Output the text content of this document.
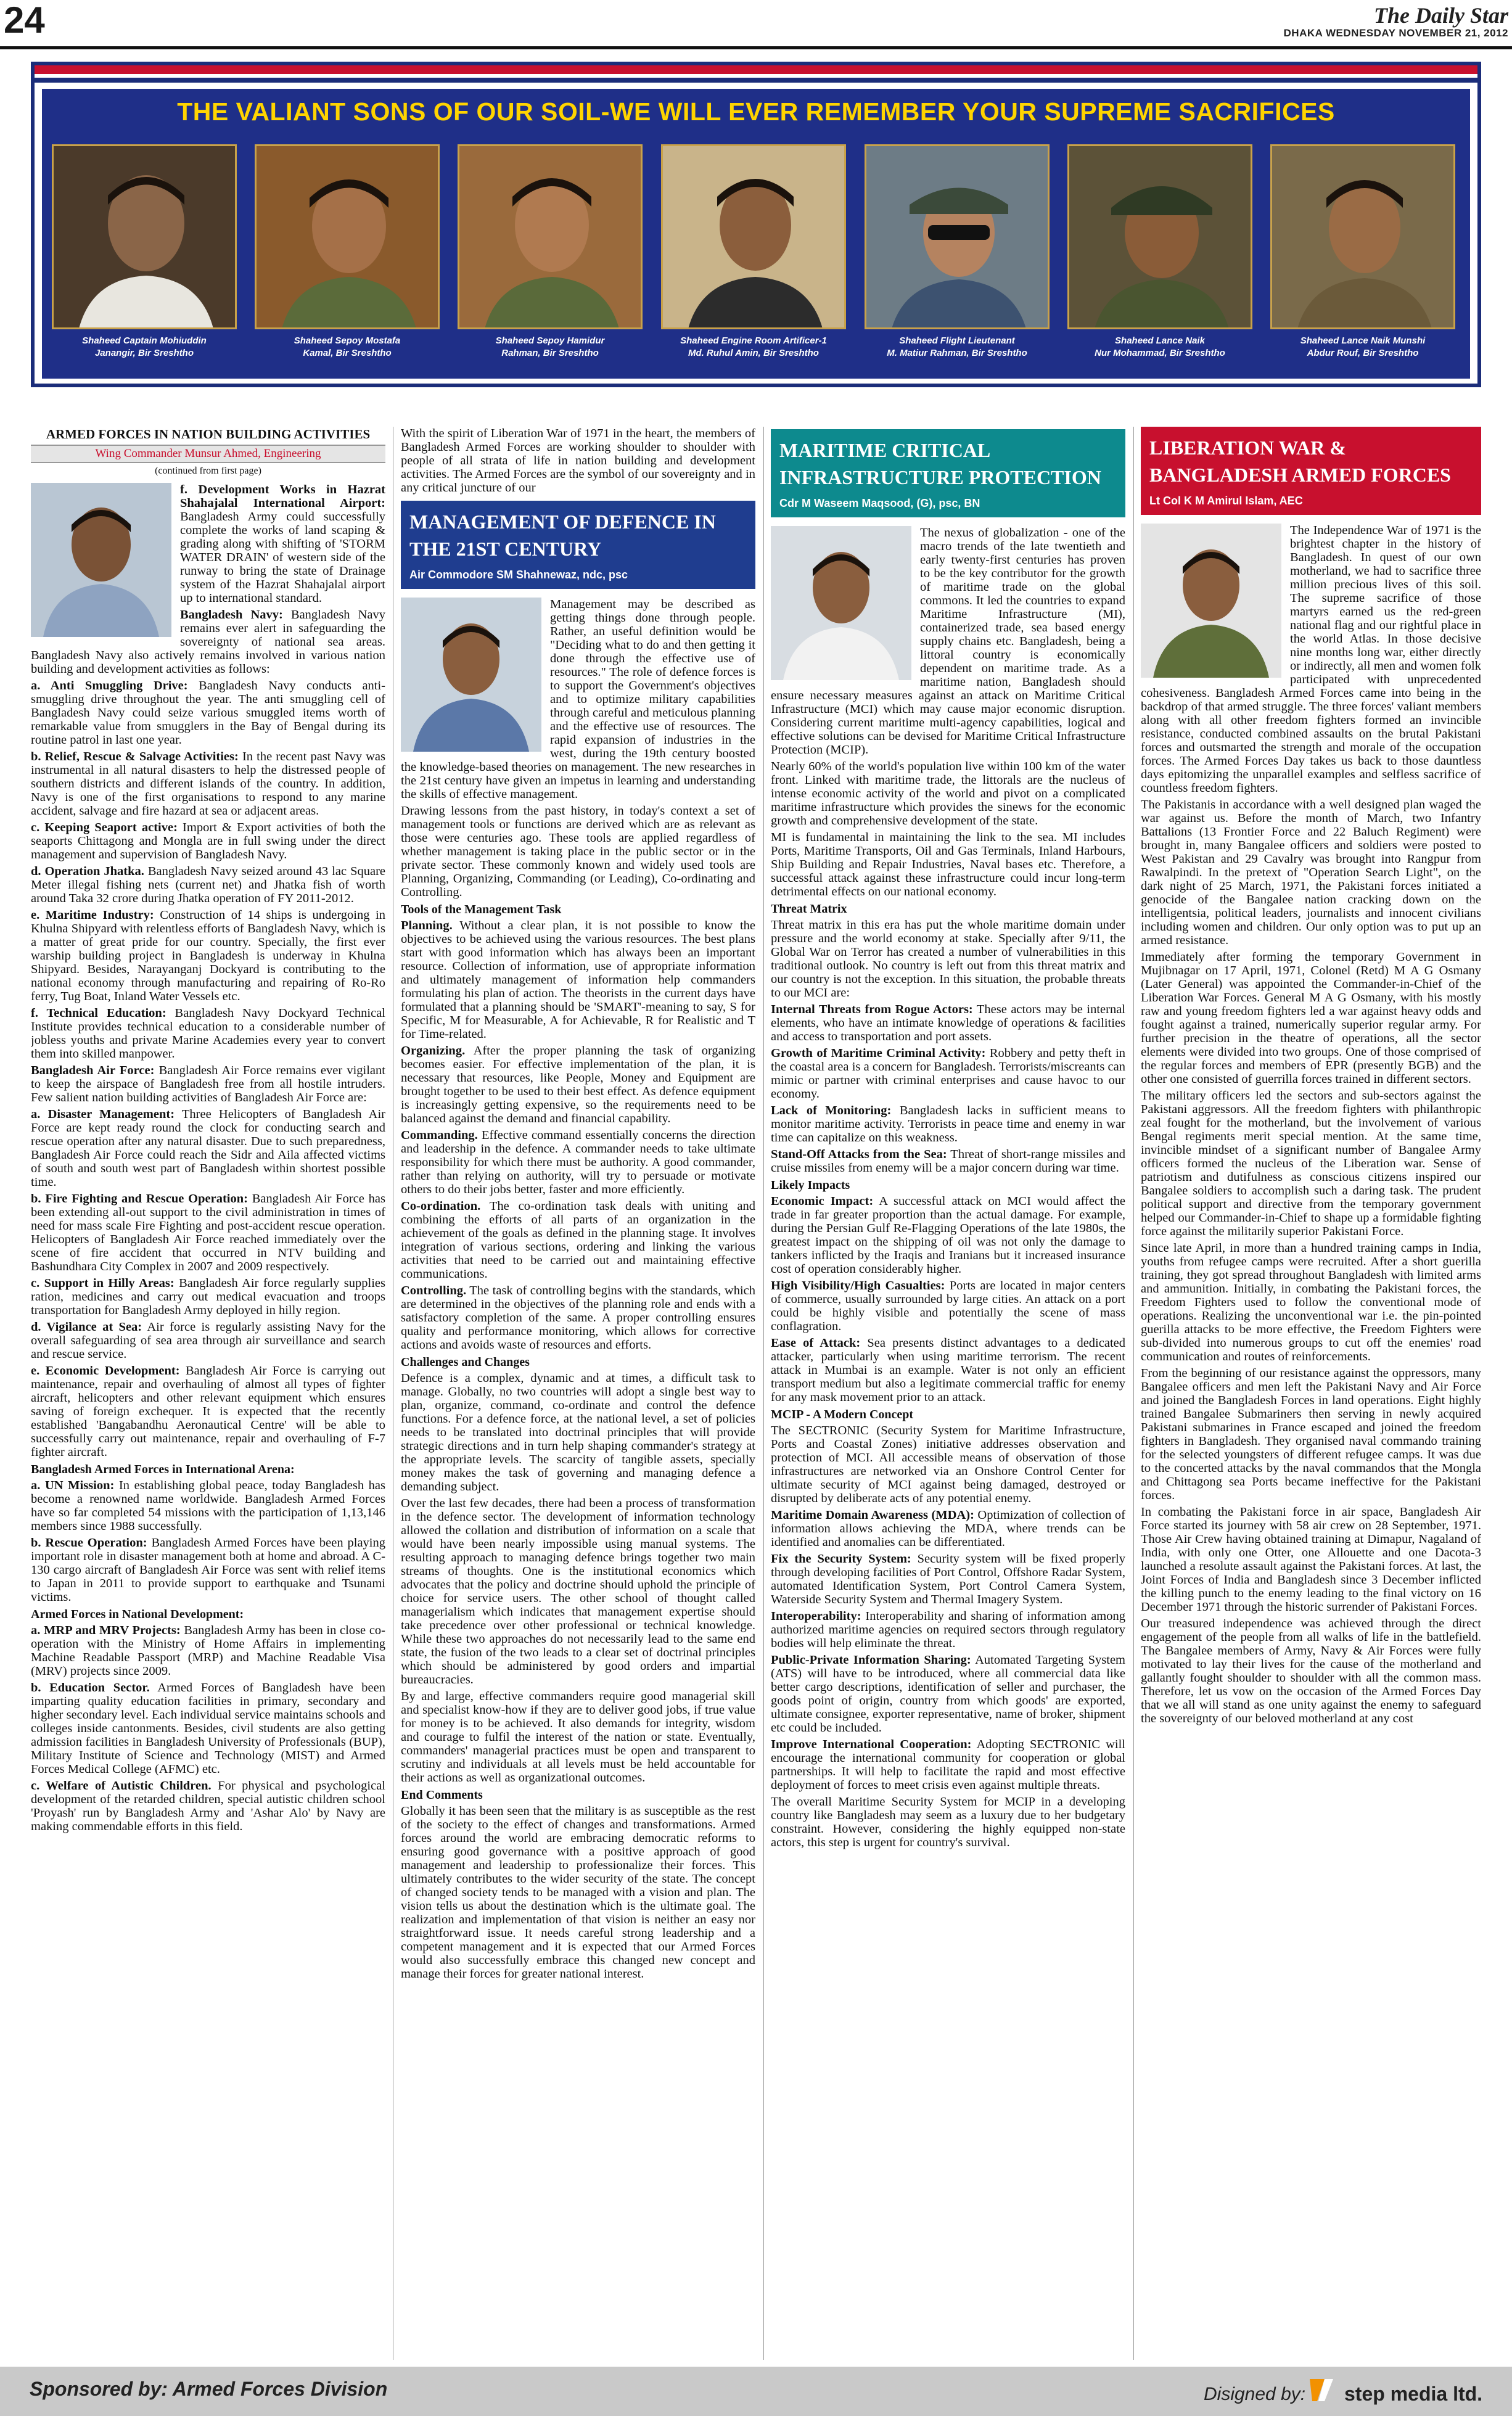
24	The Daily Star
DHAKA WEDNESDAY NOVEMBER 21, 2012
THE VALIANT SONS OF OUR SOIL-WE WILL EVER REMEMBER YOUR SUPREME SACRIFICES
Shaheed Captain Mohiuddin
Janangir, Bir Sreshtho
Shaheed Sepoy Mostafa
Kamal, Bir Sreshtho
Shaheed Sepoy Hamidur
Rahman, Bir Sreshtho
Shaheed Engine Room Artificer-1
Md. Ruhul Amin, Bir Sreshtho
Shaheed Flight Lieutenant
M. Matiur Rahman, Bir Sreshtho
Shaheed Lance Naik
Nur Mohammad, Bir Sreshtho
Shaheed Lance Naik Munshi
Abdur Rouf, Bir Sreshtho
ARMED FORCES IN NATION BUILDING ACTIVITIES
Wing Commander Munsur Ahmed, Engineering
(continued from first page)

f. Development Works in Hazrat Shahajalal International Airport: Bangladesh Army could successfully complete the works of land scaping & grading along with shifting of 'STORM WATER DRAIN' of western side of the runway to bring the state of Drainage system of the Hazrat Shahajalal airport up to international standard.

Bangladesh Navy: Bangladesh Navy remains ever alert in safeguarding the sovereignty of national sea areas. Bangladesh Navy also actively remains involved in various nation building and development activities as follows:

a. Anti Smuggling Drive: Bangladesh Navy conducts anti-smuggling drive throughout the year. The anti smuggling cell of Bangladesh Navy could seize various smuggled items worth of remarkable value from smugglers in the Bay of Bengal during its routine patrol in last one year.

b. Relief, Rescue & Salvage Activities: In the recent past Navy was instrumental in all natural disasters to help the distressed people of southern districts and different islands of the country. In addition, Navy is one of the first organisations to respond to any marine accident, salvage and fire hazard at sea or adjacent areas.

c. Keeping Seaport active: Import & Export activities of both the seaports Chittagong and Mongla are in full swing under the direct management and supervision of Bangladesh Navy.

d. Operation Jhatka. Bangladesh Navy seized around 43 lac Square Meter illegal fishing nets (current net) and Jhatka fish of worth around Taka 32 crore during Jhatka operation of FY 2011-2012.

e. Maritime Industry: Construction of 14 ships is undergoing in Khulna Shipyard with relentless efforts of Bangladesh Navy, which is a matter of great pride for our country. Specially, the first ever warship building project in Bangladesh is underway in Khulna Shipyard. Besides, Narayanganj Dockyard is contributing to the national economy through manufacturing and repairing of Ro-Ro ferry, Tug Boat, Inland Water Vessels etc.

f. Technical Education: Bangladesh Navy Dockyard Technical Institute provides technical education to a considerable number of jobless youths and private Marine Academies every year to convert them into skilled manpower.

Bangladesh Air Force: Bangladesh Air Force remains ever vigilant to keep the airspace of Bangladesh free from all hostile intruders. Few salient nation building activities of Bangladesh Air Force are:

a. Disaster Management: Three Helicopters of Bangladesh Air Force are kept ready round the clock for conducting search and rescue operation after any natural disaster. Due to such preparedness, Bangladesh Air Force could reach the Sidr and Aila affected victims of south and south west part of Bangladesh within shortest possible time.

b. Fire Fighting and Rescue Operation: Bangladesh Air Force has been extending all-out support to the civil administration in times of need for mass scale Fire Fighting and post-accident rescue operation. Helicopters of Bangladesh Air Force reached immediately over the scene of fire accident that occurred in NTV building and Bashundhara City Complex in 2007 and 2009 respectively.

c. Support in Hilly Areas: Bangladesh Air force regularly supplies ration, medicines and carry out medical evacuation and troops transportation for Bangladesh Army deployed in hilly region.

d. Vigilance at Sea: Air force is regularly assisting Navy for the overall safeguarding of sea area through air surveillance and search and rescue service.

e. Economic Development: Bangladesh Air Force is carrying out maintenance, repair and overhauling of almost all types of fighter aircraft, helicopters and other relevant equipment which ensures saving of foreign exchequer. It is expected that the recently established 'Bangabandhu Aeronautical Centre' will be able to successfully carry out maintenance, repair and overhauling of F-7 fighter aircraft.

Bangladesh Armed Forces in International Arena:

a. UN Mission: In establishing global peace, today Bangladesh has become a renowned name worldwide. Bangladesh Armed Forces have so far completed 54 missions with the participation of 1,13,146 members since 1988 successfully.

b. Rescue Operation: Bangladesh Armed Forces have been playing important role in disaster management both at home and abroad. A C-130 cargo aircraft of Bangladesh Air Force was sent with relief items to Japan in 2011 to provide support to earthquake and Tsunami victims.

Armed Forces in National Development:

a. MRP and MRV Projects: Bangladesh Army has been in close co-operation with the Ministry of Home Affairs in implementing Machine Readable Passport (MRP) and Machine Readable Visa (MRV) projects since 2009.

b. Education Sector. Armed Forces of Bangladesh have been imparting quality education facilities in primary, secondary and higher secondary level. Each individual service maintains schools and colleges inside cantonments. Besides, civil students are also getting admission facilities in Bangladesh University of Professionals (BUP), Military Institute of Science and Technology (MIST) and Armed Forces Medical College (AFMC) etc.

c. Welfare of Autistic Children. For physical and psychological development of the retarded children, special autistic children school 'Proyash' run by Bangladesh Army and 'Ashar Alo' by Navy are making commendable efforts in this field.

With the spirit of Liberation War of 1971 in the heart, the members of Bangladesh Armed Forces are working shoulder to shoulder with people of all strata of life in nation building and development activities. The Armed Forces are the symbol of our sovereignty and in any critical juncture of our

MANAGEMENT OF DEFENCE IN THE 21ST CENTURY
Air Commodore SM Shahnewaz, ndc, psc

Management may be described as getting things done through people. Rather, an useful definition would be "Deciding what to do and then getting it done through the effective use of resources." The role of defence forces is to support the Government's objectives and to optimize military capabilities through careful and meticulous planning and the effective use of resources. The rapid expansion of industries in the west, during the 19th century boosted the knowledge-based theories on management. The new researches in the 21st century have given an impetus in learning and understanding the skills of effective management.

Drawing lessons from the past history, in today's context a set of management tools or functions are derived which are as relevant as those were centuries ago. These tools are applied regardless of whether management is taking place in the public sector or in the private sector. These commonly known and widely used tools are Planning, Organizing, Commanding (or Leading), Co-ordinating and Controlling.

Tools of the Management Task

Planning. Without a clear plan, it is not possible to know the objectives to be achieved using the various resources. The best plans start with good information which has always been an important resource. Collection of information, use of appropriate information and ultimately management of information help commanders formulating his plan of action. The theorists in the current days have formulated that a planning should be 'SMART'-meaning to say, S for Specific, M for Measurable, A for Achievable, R for Realistic and T for Time-related.

Organizing. After the proper planning the task of organizing becomes easier. For effective implementation of the plan, it is necessary that resources, like People, Money and Equipment are brought together to be used to their best effect. As defence equipment is increasingly getting expensive, so the requirements need to be balanced against the demand and financial capability.

Commanding. Effective command essentially concerns the direction and leadership in the defence. A commander needs to take ultimate responsibility for which there must be authority. A good commander, rather than relying on authority, will try to persuade or motivate others to do their jobs better, faster and more efficiently.

Co-ordination. The co-ordination task deals with uniting and combining the efforts of all parts of an organization in the achievement of the goals as defined in the planning stage. It involves integration of various sections, ordering and linking the various activities that need to be carried out and maintaining effective communications.

Controlling. The task of controlling begins with the standards, which are determined in the objectives of the planning role and ends with a satisfactory completion of the same. A proper controlling ensures quality and performance monitoring, which allows for corrective actions and avoids waste of resources and efforts.

Challenges and Changes

Defence is a complex, dynamic and at times, a difficult task to manage. Globally, no two countries will adopt a single best way to plan, organize, command, co-ordinate and control the defence functions. For a defence force, at the national level, a set of policies needs to be translated into doctrinal principles that will provide strategic directions and in turn help shaping commander's strategy at the appropriate levels. The scarcity of tangible assets, specially money makes the task of governing and managing defence a demanding subject.

Over the last few decades, there had been a process of transformation in the defence sector. The development of information technology allowed the collation and distribution of information on a scale that would have been nearly impossible using manual systems. The resulting approach to managing defence brings together two main streams of thoughts. One is the institutional economics which advocates that the policy and doctrine should uphold the principle of choice for service users. The other school of thought called managerialism which indicates that management expertise should take precedence over other professional or technical knowledge. While these two approaches do not necessarily lead to the same end state, the fusion of the two leads to a clear set of doctrinal principles which should be administered by good orders and impartial bureaucracies.

By and large, effective commanders require good managerial skill and specialist know-how if they are to deliver good jobs, if true value for money is to be achieved. It also demands for integrity, wisdom and courage to fulfil the interest of the nation or state. Eventually, commanders' managerial practices must be open and transparent to scrutiny and individuals at all levels must be held accountable for their actions as well as organizational outcomes.

End Comments

Globally it has been seen that the military is as susceptible as the rest of the society to the effect of changes and transformations. Armed forces around the world are embracing democratic reforms to ensuring good governance with a positive approach of good management and leadership to professionalize their forces. This ultimately contributes to the wider security of the state. The concept of changed society tends to be managed with a vision and plan. The vision tells us about the destination which is the ultimate goal. The realization and implementation of that vision is neither an easy nor straightforward issue. It needs careful strong leadership and a competent management and it is expected that our Armed Forces would also successfully embrace this changed new concept and manage their forces for greater national interest.

MARITIME CRITICAL INFRASTRUCTURE PROTECTION
Cdr M Waseem Maqsood, (G), psc, BN

The nexus of globalization - one of the macro trends of the late twentieth and early twenty-first centuries has proven to be the key contributor for the growth of maritime trade on the global commons. It led the countries to expand Maritime Infrastructure (MI), containerized trade, sea based energy supply chains etc. Bangladesh, being a littoral country is economically dependent on maritime trade. As a maritime nation, Bangladesh should ensure necessary measures against an attack on Maritime Critical Infrastructure (MCI) which may cause major economic disruption. Considering current maritime multi-agency capabilities, logical and effective solutions can be devised for Maritime Critical Infrastructure Protection (MCIP).

Nearly 60% of the world's population live within 100 km of the water front. Linked with maritime trade, the littorals are the nucleus of intense economic activity of the world and pivot on a complicated maritime infrastructure which provides the sinews for the economic growth and comprehensive development of the state.

MI is fundamental in maintaining the link to the sea. MI includes Ports, Maritime Transports, Oil and Gas Terminals, Inland Harbours, Ship Building and Repair Industries, Naval bases etc. Therefore, a successful attack against these infrastructure could incur long-term detrimental effects on our national economy.

Threat Matrix

Threat matrix in this era has put the whole maritime domain under pressure and the world economy at stake. Specially after 9/11, the Global War on Terror has created a number of vulnerabilities in this traditional outlook. No country is left out from this threat matrix and our country is not the exception. In this situation, the probable threats to our MCI are:

Internal Threats from Rogue Actors: These actors may be internal elements, who have an intimate knowledge of operations & facilities and access to transportation and port assets.

Growth of Maritime Criminal Activity: Robbery and petty theft in the coastal area is a concern for Bangladesh. Terrorists/miscreants can mimic or partner with criminal enterprises and cause havoc to our economy.

Lack of Monitoring: Bangladesh lacks in sufficient means to monitor maritime activity. Terrorists in peace time and enemy in war time can capitalize on this weakness.

Stand-Off Attacks from the Sea: Threat of short-range missiles and cruise missiles from enemy will be a major concern during war time.

Likely Impacts

Economic Impact: A successful attack on MCI would affect the trade in far greater proportion than the actual damage. For example, during the Persian Gulf Re-Flagging Operations of the late 1980s, the greatest impact on the shipping of oil was not only the damage to tankers inflicted by the Iraqis and Iranians but it increased insurance cost of operation considerably higher.

High Visibility/High Casualties: Ports are located in major centers of commerce, usually surrounded by large cities. An attack on a port could be highly visible and potentially the scene of mass conflagration.

Ease of Attack: Sea presents distinct advantages to a dedicated attacker, particularly when using maritime terrorism. The recent attack in Mumbai is an example. Water is not only an efficient transport medium but also a legitimate commercial traffic for enemy for any mask movement prior to an attack.

MCIP - A Modern Concept

The SECTRONIC (Security System for Maritime Infrastructure, Ports and Coastal Zones) initiative addresses observation and protection of MCI. All accessible means of observation of those infrastructures are networked via an Onshore Control Center for ultimate security of MCI against being damaged, destroyed or disrupted by deliberate acts of any potential enemy.

Maritime Domain Awareness (MDA): Optimization of collection of information allows achieving the MDA, where trends can be identified and anomalies can be differentiated.

Fix the Security System: Security system will be fixed properly through developing facilities of Port Control, Offshore Radar System, automated Identification System, Port Control Camera System, Waterside Security System and Thermal Imagery System.

Interoperability: Interoperability and sharing of information among authorized maritime agencies on required sectors through regulatory bodies will help eliminate the threat.

Public-Private Information Sharing: Automated Targeting System (ATS) will have to be introduced, where all commercial data like better cargo descriptions, identification of seller and purchaser, the goods point of origin, country from which goods' are exported, ultimate consignee, exporter representative, name of broker, shipment etc could be included.

Improve International Cooperation: Adopting SECTRONIC will encourage the international community for cooperation or global partnerships. It will help to facilitate the rapid and most effective deployment of forces to meet crisis even against multiple threats.

The overall Maritime Security System for MCIP in a developing country like Bangladesh may seem as a luxury due to her budgetary constraint. However, considering the highly equipped non-state actors, this step is urgent for country's survival.

LIBERATION WAR & BANGLADESH ARMED FORCES
Lt Col K M Amirul Islam, AEC

The Independence War of 1971 is the brightest chapter in the history of Bangladesh. In quest of our own motherland, we had to sacrifice three million precious lives of this soil. The supreme sacrifice of those martyrs earned us the red-green national flag and our rightful place in the world Atlas. In those decisive nine months long war, either directly or indirectly, all men and women folk participated with unprecedented cohesiveness. Bangladesh Armed Forces came into being in the backdrop of that armed struggle. The three forces' valiant members along with all other freedom fighters formed an invincible resistance, conducted combined assaults on the brutal Pakistani forces and outsmarted the strength and morale of the occupation forces. The Armed Forces Day takes us back to those dauntless days epitomizing the unparallel examples and selfless sacrifice of countless freedom fighters.

The Pakistanis in accordance with a well designed plan waged the war against us. Before the month of March, two Infantry Battalions (13 Frontier Force and 22 Baluch Regiment) were brought in, many Bangalee officers and soldiers were posted to West Pakistan and 29 Cavalry was brought into Rangpur from Rawalpindi. In the pretext of "Operation Search Light", on the dark night of 25 March, 1971, the Pakistani forces initiated a genocide of the Bangalee nation cracking down on the intelligentsia, political leaders, journalists and innocent civilians including women and children. Our only option was to put up an armed resistance.

Immediately after forming the temporary Government in Mujibnagar on 17 April, 1971, Colonel (Retd) M A G Osmany (Later General) was appointed the Commander-in-Chief of the Liberation War Forces. General M A G Osmany, with his mostly raw and young freedom fighters led a war against heavy odds and fought against a trained, numerically superior regular army. For further precision in the theatre of operations, all the sector elements were divided into two groups. One of those comprised of the regular forces and members of EPR (presently BGB) and the other one consisted of guerrilla forces trained in different sectors.

The military officers led the sectors and sub-sectors against the Pakistani aggressors. All the freedom fighters with philanthropic zeal fought for the motherland, but the involvement of various Bengal regiments merit special mention. At the same time, invincible mindset of a significant number of Bangalee Army officers formed the nucleus of the Liberation war. Sense of patriotism and dutifulness as conscious citizens inspired our Bangalee soldiers to accomplish such a daring task. The prudent political support and directive from the temporary government helped our Commander-in-Chief to shape up a formidable fighting force against the militarily superior Pakistani Force.

Since late April, in more than a hundred training camps in India, youths from refugee camps were recruited. After a short guerilla training, they got spread throughout Bangladesh with limited arms and ammunition. Initially, in combating the Pakistani forces, the Freedom Fighters used to follow the conventional mode of operations. Realizing the unconventional war i.e. the pin-pointed guerilla attacks to be more effective, the Freedom Fighters were sub-divided into numerous groups to cut off the enemies' road communication and routes of reinforcements.

From the beginning of our resistance against the oppressors, many Bangalee officers and men left the Pakistani Navy and Air Force and joined the Bangladesh Forces in land operations. Eight highly trained Bangalee Submariners then serving in newly acquired Pakistani submarines in France escaped and joined the freedom fighters in Bangladesh. They organised naval commando training for the selected youngsters of different refugee camps. It was due to the concerted attacks by the naval commandos that the Mongla and Chittagong sea Ports became ineffective for the Pakistani forces.

In combating the Pakistani force in air space, Bangladesh Air Force started its journey with 58 air crew on 28 September, 1971. Those Air Crew having obtained training at Dimapur, Nagaland of India, with only one Otter, one Allouette and one Dacota-3 launched a resolute assault against the Pakistani forces. At last, the Joint Forces of India and Bangladesh since 3 December inflicted the killing punch to the enemy leading to the final victory on 16 December 1971 through the historic surrender of Pakistani Forces.

Our treasured independence was achieved through the direct engagement of the people from all walks of life in the battlefield. The Bangalee members of Army, Navy & Air Forces were fully motivated to lay their lives for the cause of the motherland and gallantly fought shoulder to shoulder with all the common mass. Therefore, let us vow on the occasion of the Armed Forces Day that we all will stand as one unity against the enemy to safeguard the sovereignty of our beloved motherland at any cost

Sponsored by: Armed Forces Division	Disigned by: step media ltd.
